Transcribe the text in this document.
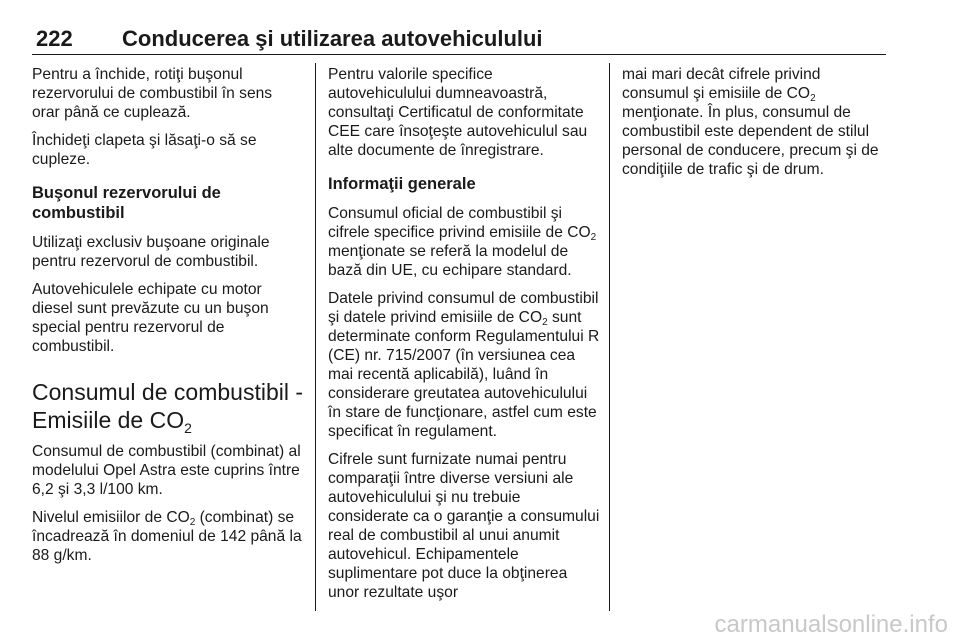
222 Conducerea şi utilizarea autovehiculului

Pentru a închide, rotiţi buşonul rezervorului de combustibil în sens orar până ce cuplează.

Închideţi clapeta şi lăsaţi-o să se cupleze.

Buşonul rezervorului de combustibil

Utilizaţi exclusiv buşoane originale pentru rezervorul de combustibil.

Autovehiculele echipate cu motor diesel sunt prevăzute cu un buşon special pentru rezervorul de combustibil.

Consumul de combustibil - Emisiile de $CO_2$

Consumul de combustibil (combinat) al modelului Opel Astra este cuprins între 6,2 şi 3,3 l/100 km.

Nivelul emisiilor de $CO_2$ (combinat) se încadrează în domeniul de 142 până la 88 g/km.

Pentru valorile specifice autovehiculului dumneavoastră, consultaţi Certificatul de conformitate CEE care însoţeşte autovehiculul sau alte documente de înregistrare.

Informaţii generale

Consumul oficial de combustibil şi cifrele specifice privind emisiile de $CO_2$ menţionate se referă la modelul de bază din UE, cu echipare standard.

Datele privind consumul de combustibil şi datele privind emisiile de $CO_2$ sunt determinate conform Regulamentului R (CE) nr. 715/2007 (în versiunea cea mai recentă aplicabilă), luând în considerare greutatea autovehiculului în stare de funcţionare, astfel cum este specificat în regulament.

Cifrele sunt furnizate numai pentru comparaţii între diverse versiuni ale autovehiculului şi nu trebuie considerate ca o garanţie a consumului real de combustibil al unui anumit autovehicul. Echipamentele suplimentare pot duce la obţinerea unor rezultate uşor

mai mari decât cifrele privind consumul şi emisiile de $CO_2$ menţionate. În plus, consumul de combustibil este dependent de stilul personal de conducere, precum şi de condiţiile de trafic şi de drum.

carmanualsonline.info
